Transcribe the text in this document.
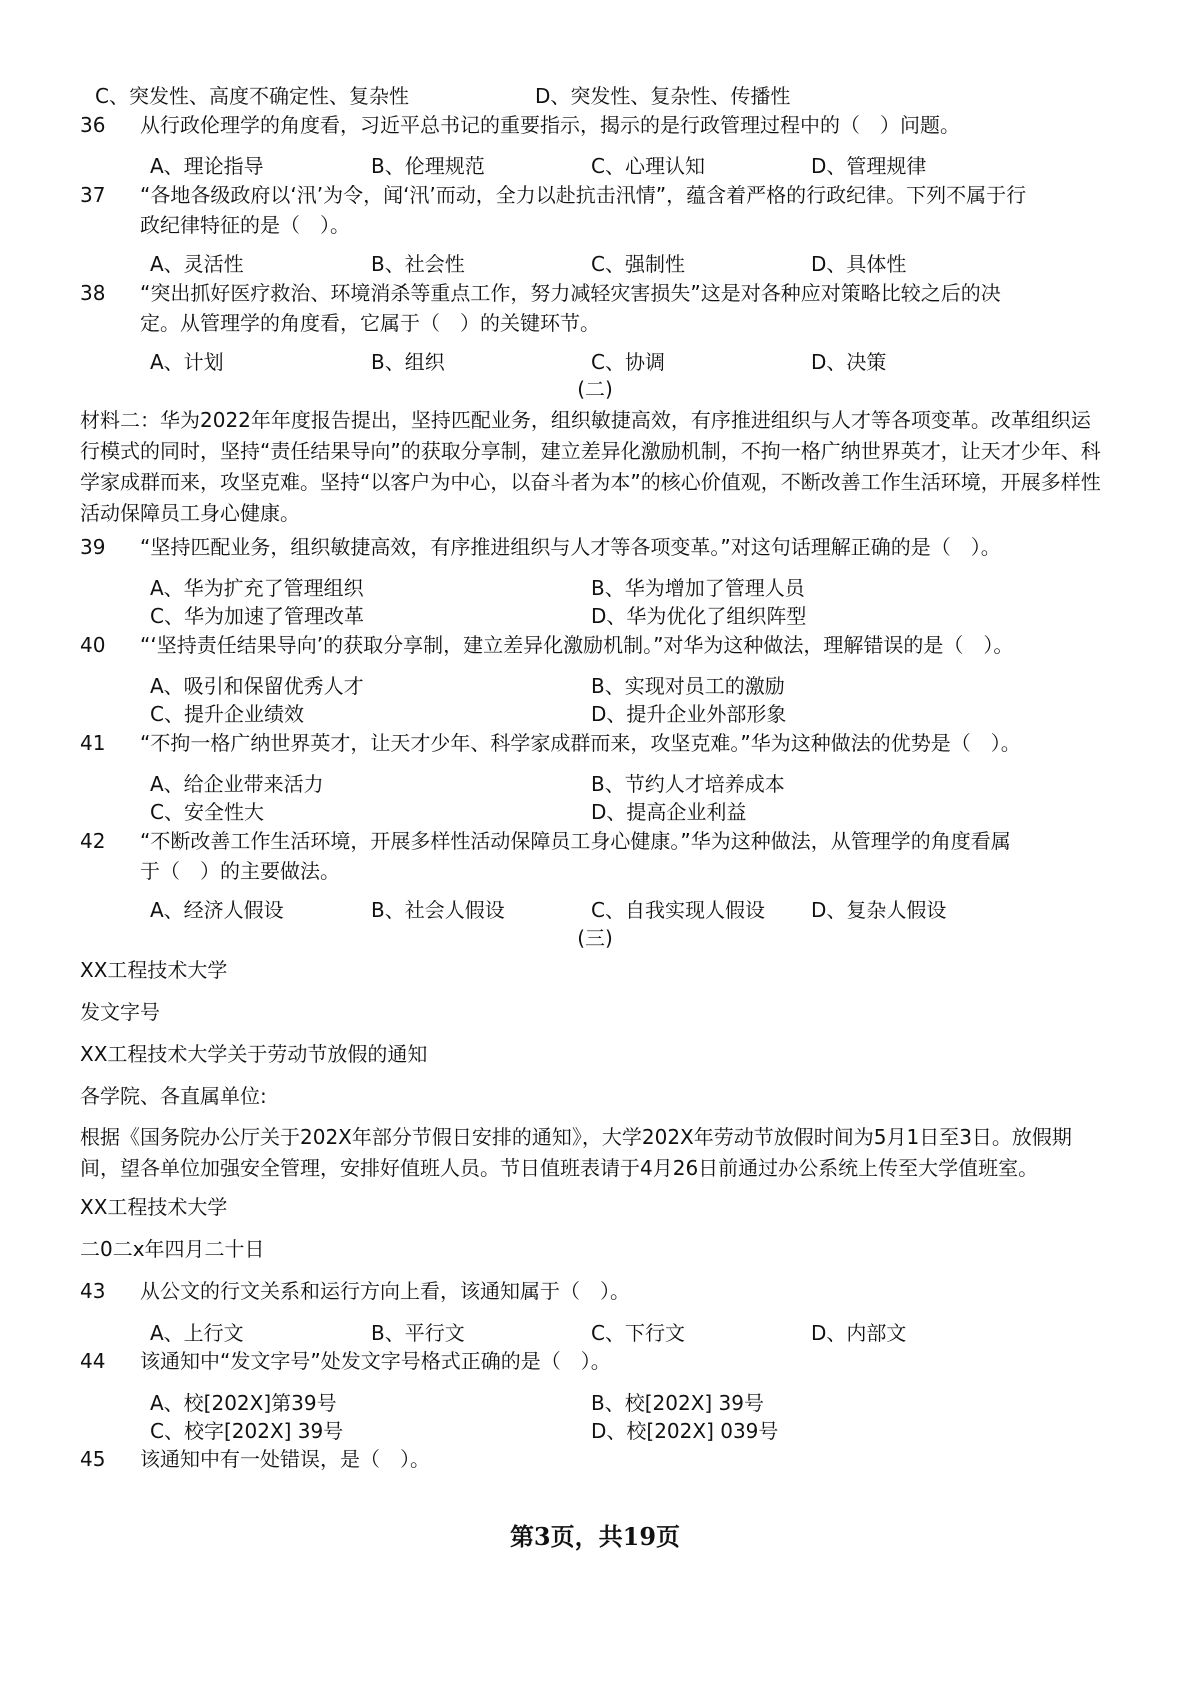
C、突发性、高度不确定性、复杂性	D、突发性、复杂性、传播性
36 从行政伦理学的角度看，习近平总书记的重要指示，揭示的是行政管理过程中的（　）问题。
A、理论指导	B、伦理规范	C、心理认知	D、管理规律
37 “各地各级政府以‘汛’为令，闻‘汛’而动，全力以赴抗击汛情”，蕴含着严格的行政纪律。下列不属于行政纪律特征的是（　）。
A、灵活性	B、社会性	C、强制性	D、具体性
38 “突出抓好医疗救治、环境消杀等重点工作，努力减轻灾害损失”这是对各种应对策略比较之后的决定。从管理学的角度看，它属于（　）的关键环节。
A、计划	B、组织	C、协调	D、决策
(二)
材料二：华为2022年年度报告提出，坚持匹配业务，组织敏捷高效，有序推进组织与人才等各项变革。改革组织运行模式的同时，坚持“责任结果导向”的获取分享制，建立差异化激励机制，不拘一格广纳世界英才，让天才少年、科学家成群而来，攻坚克难。坚持“以客户为中心，以奋斗者为本”的核心价值观，不断改善工作生活环境，开展多样性活动保障员工身心健康。
39 “坚持匹配业务，组织敏捷高效，有序推进组织与人才等各项变革。”对这句话理解正确的是（　）。
A、华为扩充了管理组织	B、华为增加了管理人员
C、华为加速了管理改革	D、华为优化了组织阵型
40 “‘坚持责任结果导向’的获取分享制，建立差异化激励机制。”对华为这种做法，理解错误的是（　）。
A、吸引和保留优秀人才	B、实现对员工的激励
C、提升企业绩效	D、提升企业外部形象
41 “不拘一格广纳世界英才，让天才少年、科学家成群而来，攻坚克难。”华为这种做法的优势是（　）。
A、给企业带来活力	B、节约人才培养成本
C、安全性大	D、提高企业利益
42 “不断改善工作生活环境，开展多样性活动保障员工身心健康。”华为这种做法，从管理学的角度看属于（　）的主要做法。
A、经济人假设	B、社会人假设	C、自我实现人假设 D、复杂人假设
(三)
XX工程技术大学
发文字号
XX工程技术大学关于劳动节放假的通知
各学院、各直属单位:
根据《国务院办公厅关于202X年部分节假日安排的通知》，大学202X年劳动节放假时间为5月1日至3日。放假期间，望各单位加强安全管理，安排好值班人员。节日值班表请于4月26日前通过办公系统上传至大学值班室。
XX工程技术大学
二0二x年四月二十日
43 从公文的行文关系和运行方向上看，该通知属于（　）。
A、上行文	B、平行文	C、下行文	D、内部文
44 该通知中“发文字号”处发文字号格式正确的是（　）。
A、校[202X]第39号	B、校[202X] 39号
C、校字[202X] 39号	D、校[202X] 039号
45 该通知中有一处错误，是（　）。
第3页，共19页
